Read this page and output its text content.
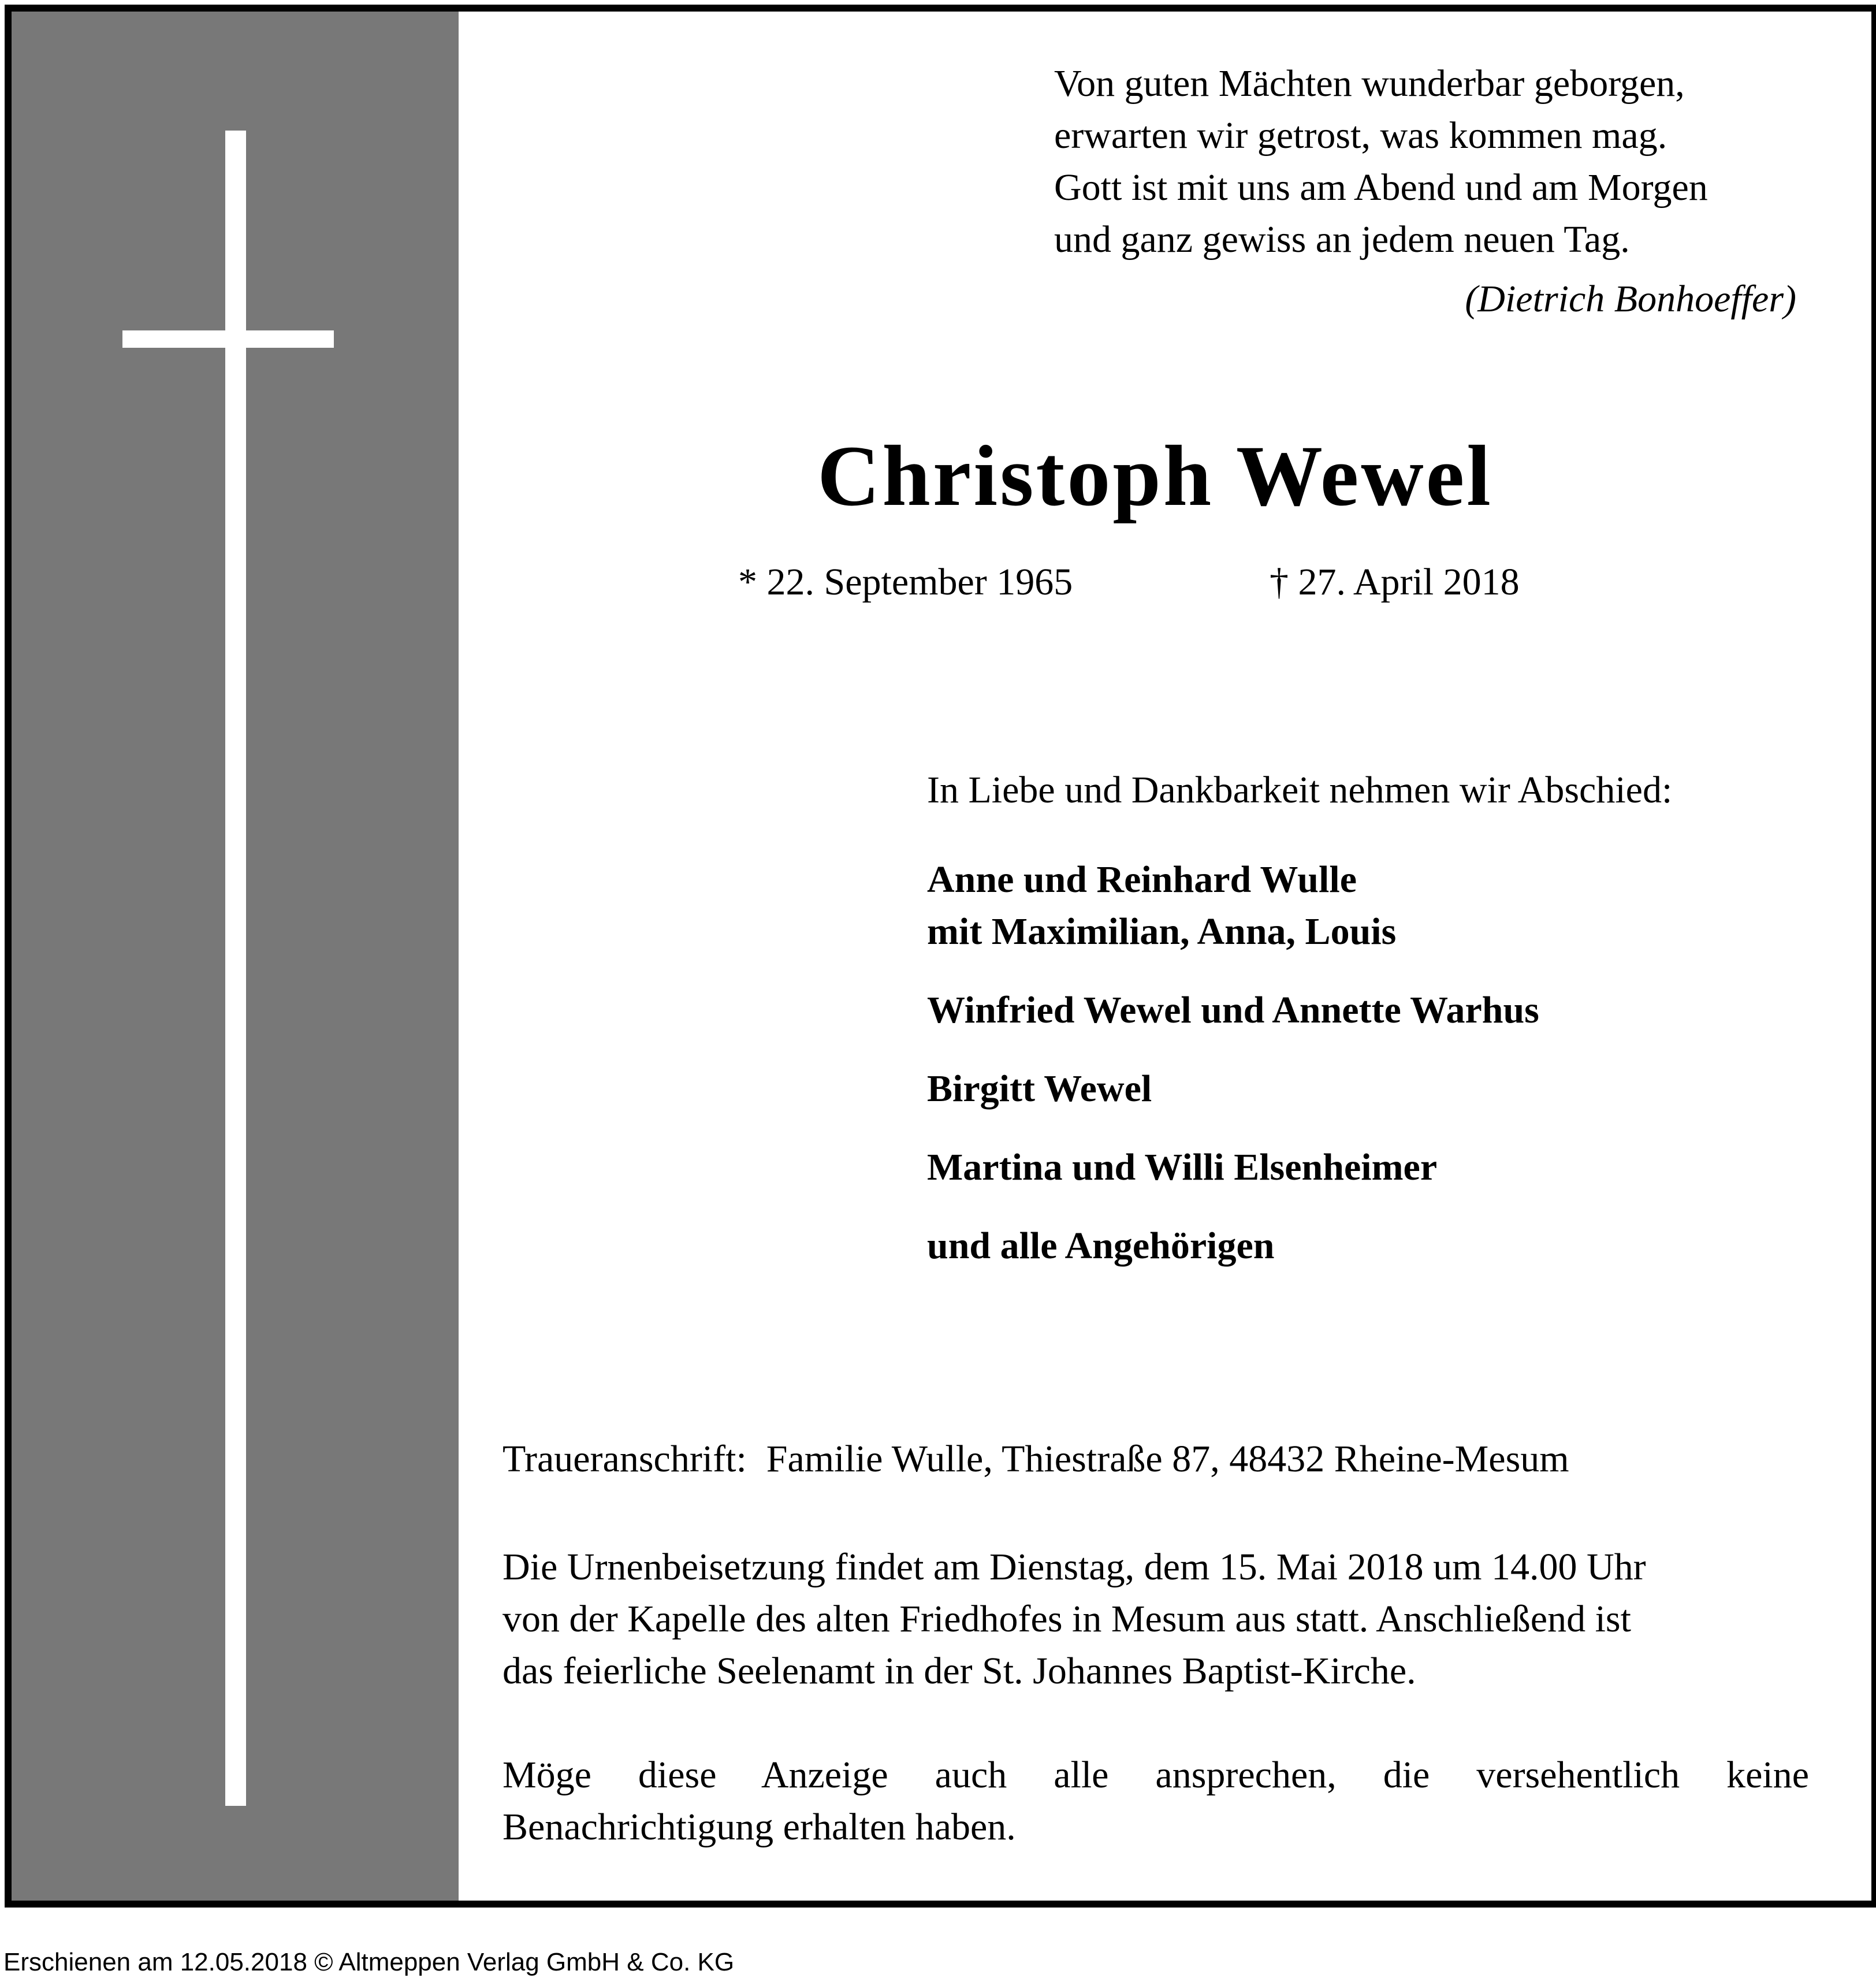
Von guten Mächten wunderbar geborgen,
erwarten wir getrost, was kommen mag.
Gott ist mit uns am Abend und am Morgen
und ganz gewiss an jedem neuen Tag.
(Dietrich Bonhoeffer)
Christoph Wewel
* 22. September 1965	† 27. April 2018
In Liebe und Dankbarkeit nehmen wir Abschied:
Anne und Reinhard Wulle
mit Maximilian, Anna, Louis
Winfried Wewel und Annette Warhus
Birgitt Wewel
Martina und Willi Elsenheimer
und alle Angehörigen
Traueranschrift: Familie Wulle, Thiestraße 87, 48432 Rheine-Mesum
Die Urnenbeisetzung findet am Dienstag, dem 15. Mai 2018 um 14.00 Uhr
von der Kapelle des alten Friedhofes in Mesum aus statt. Anschließend ist
das feierliche Seelenamt in der St. Johannes Baptist-Kirche.
Möge diese Anzeige auch alle ansprechen, die versehentlich keine
Benachrichtigung erhalten haben.
Erschienen am 12.05.2018 © Altmeppen Verlag GmbH & Co. KG
